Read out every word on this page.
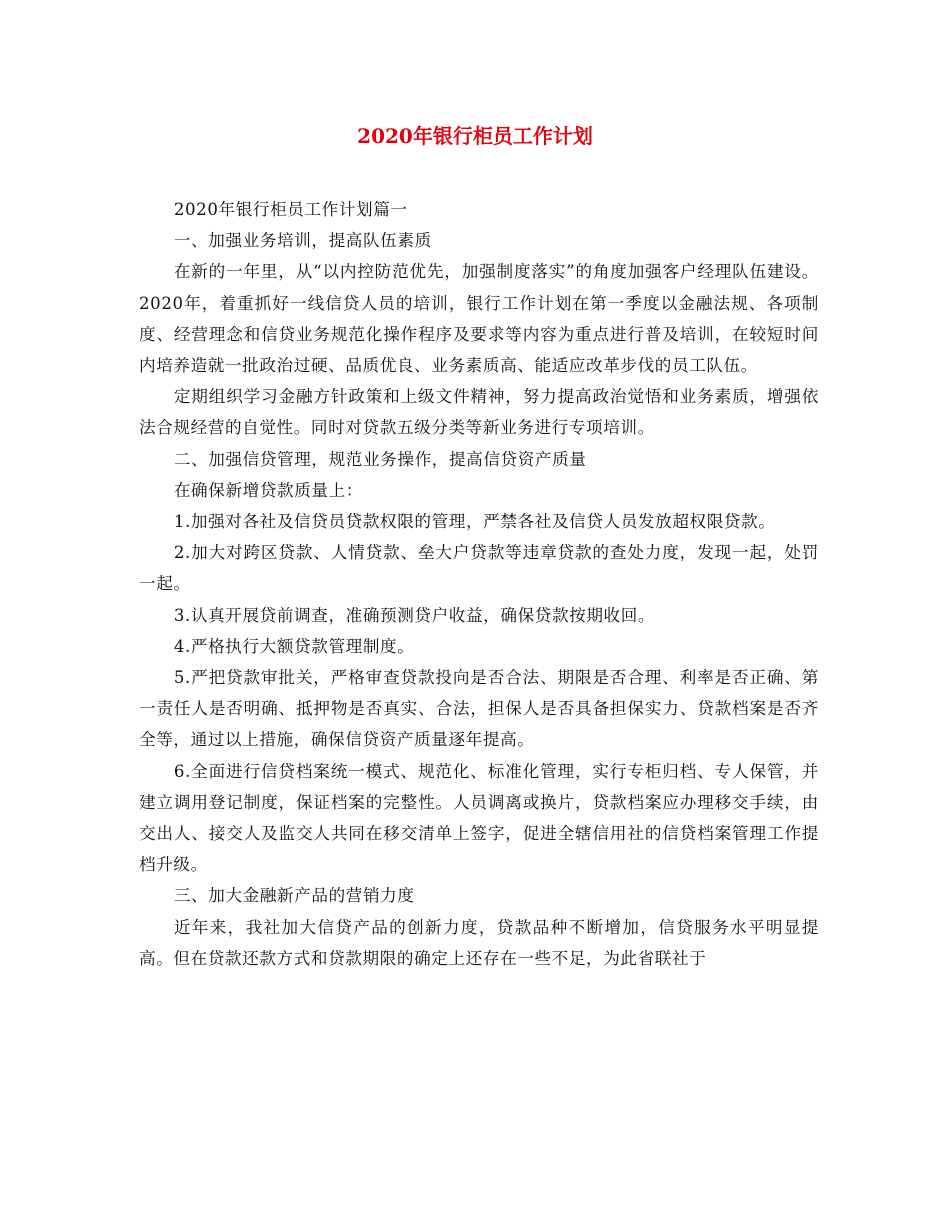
2020年银行柜员工作计划

2020年银行柜员工作计划篇一

一、加强业务培训，提高队伍素质

在新的一年里，从“以内控防范优先，加强制度落实”的角度加强客户经理队伍建设。2020年，着重抓好一线信贷人员的培训，银行工作计划在第一季度以金融法规、各项制度、经营理念和信贷业务规范化操作程序及要求等内容为重点进行普及培训，在较短时间内培养造就一批政治过硬、品质优良、业务素质高、能适应改革步伐的员工队伍。

定期组织学习金融方针政策和上级文件精神，努力提高政治觉悟和业务素质，增强依法合规经营的自觉性。同时对贷款五级分类等新业务进行专项培训。

二、加强信贷管理，规范业务操作，提高信贷资产质量

在确保新增贷款质量上：

1.加强对各社及信贷员贷款权限的管理，严禁各社及信贷人员发放超权限贷款。

2.加大对跨区贷款、人情贷款、垒大户贷款等违章贷款的查处力度，发现一起，处罚一起。

3.认真开展贷前调查，准确预测贷户收益，确保贷款按期收回。

4.严格执行大额贷款管理制度。

5.严把贷款审批关，严格审查贷款投向是否合法、期限是否合理、利率是否正确、第一责任人是否明确、抵押物是否真实、合法，担保人是否具备担保实力、贷款档案是否齐全等，通过以上措施，确保信贷资产质量逐年提高。

6.全面进行信贷档案统一模式、规范化、标准化管理，实行专柜归档、专人保管，并建立调用登记制度，保证档案的完整性。人员调离或换片，贷款档案应办理移交手续，由交出人、接交人及监交人共同在移交清单上签字，促进全辖信用社的信贷档案管理工作提档升级。

三、加大金融新产品的营销力度

近年来，我社加大信贷产品的创新力度，贷款品种不断增加，信贷服务水平明显提高。但在贷款还款方式和贷款期限的确定上还存在一些不足，为此省联社于
